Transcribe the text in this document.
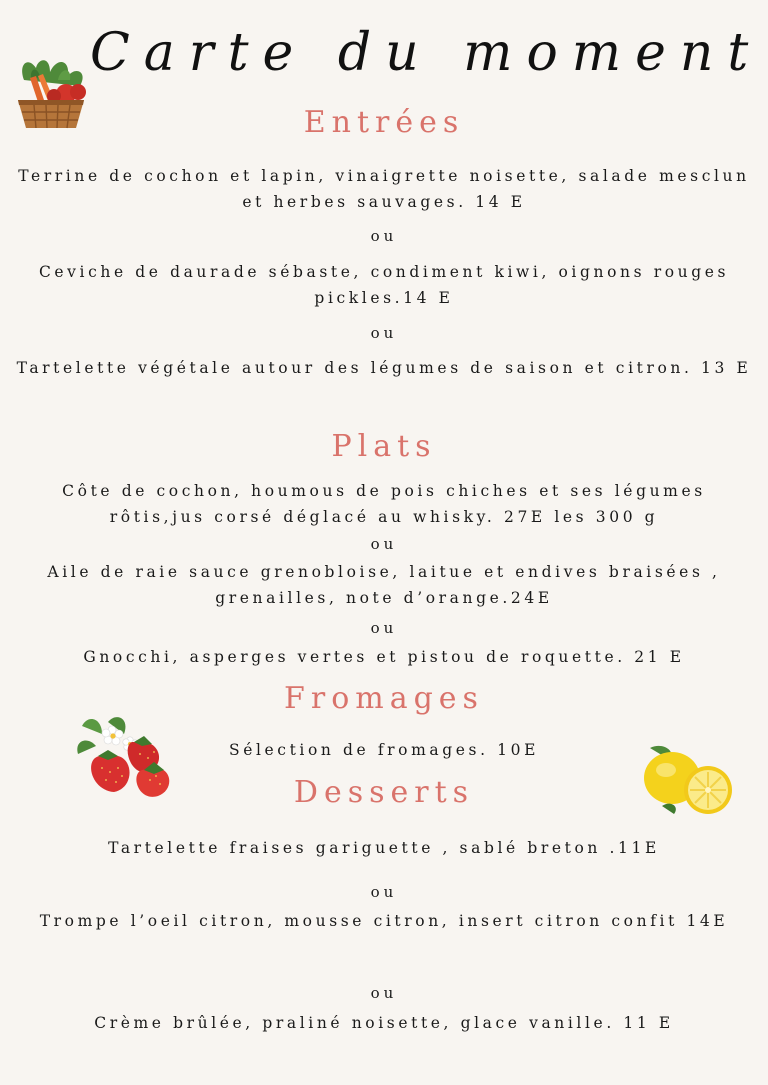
Carte du moment
Entrées
Terrine de cochon et lapin, vinaigrette noisette, salade mesclun et herbes sauvages. 14 E
ou
Ceviche de daurade sébaste, condiment kiwi, oignons rouges pickles.14 E
ou
Tartelette végétale autour des légumes de saison et citron. 13 E
Plats
Côte de cochon, houmous de pois chiches et ses légumes rôtis,jus corsé déglacé au whisky. 27E les 300 g
ou
Aile de raie sauce grenobloise, laitue et endives braisées , grenailles, note d’orange.24E
ou
Gnocchi, asperges vertes et pistou de roquette. 21 E
Fromages
Sélection de fromages. 10E
Desserts
Tartelette fraises gariguette , sablé breton .11E
ou
Trompe l’oeil citron, mousse citron, insert citron confit 14E
ou
Crème brûlée, praliné noisette, glace vanille. 11 E
